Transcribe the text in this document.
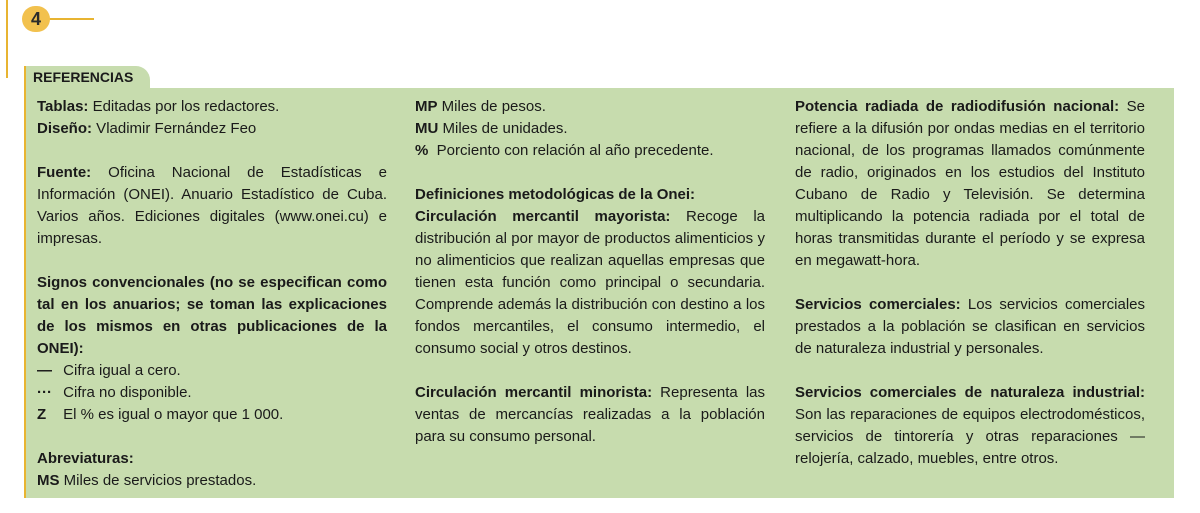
4
REFERENCIAS

Tablas: Editadas por los redactores.

Diseño: Vladimir Fernández Feo

Fuente: Oficina Nacional de Estadísticas e Información (ONEI). Anuario Estadístico de Cuba. Varios años. Ediciones digitales (www.onei.cu) e impresas.

Signos convencionales (no se especifican como tal en los anuarios; se toman las explicaciones de los mismos en otras publicaciones de la ONEI):

— Cifra igual a cero.

··· Cifra no disponible.

Z El % es igual o mayor que 1 000.

Abreviaturas:

MS Miles de servicios prestados.

MP Miles de pesos.

MU Miles de unidades.

%  Porciento con relación al año precedente.

Definiciones metodológicas de la Onei:

Circulación mercantil mayorista: Recoge la distribución al por mayor de productos alimenticios y no alimenticios que realizan aquellas empresas que tienen esta función como principal o secundaria. Comprende además la distribución con destino a los fondos mercantiles, el consumo intermedio, el consumo social y otros destinos.

Circulación mercantil minorista: Representa las ventas de mercancías realizadas a la población para su consumo personal.

Potencia radiada de radiodifusión nacional: Se refiere a la difusión por ondas medias en el territorio nacional, de los programas llamados comúnmente de radio, originados en los estudios del Instituto Cubano de Radio y Televisión. Se determina multiplicando la potencia radiada por el total de horas transmitidas durante el período y se expresa en megawatt-hora.

Servicios comerciales: Los servicios comerciales prestados a la población se clasifican en servicios de naturaleza industrial y personales.

Servicios comerciales de naturaleza industrial: Son las reparaciones de equipos electrodomésticos, servicios de tintorería y otras reparaciones —relojería, calzado, muebles, entre otros.
